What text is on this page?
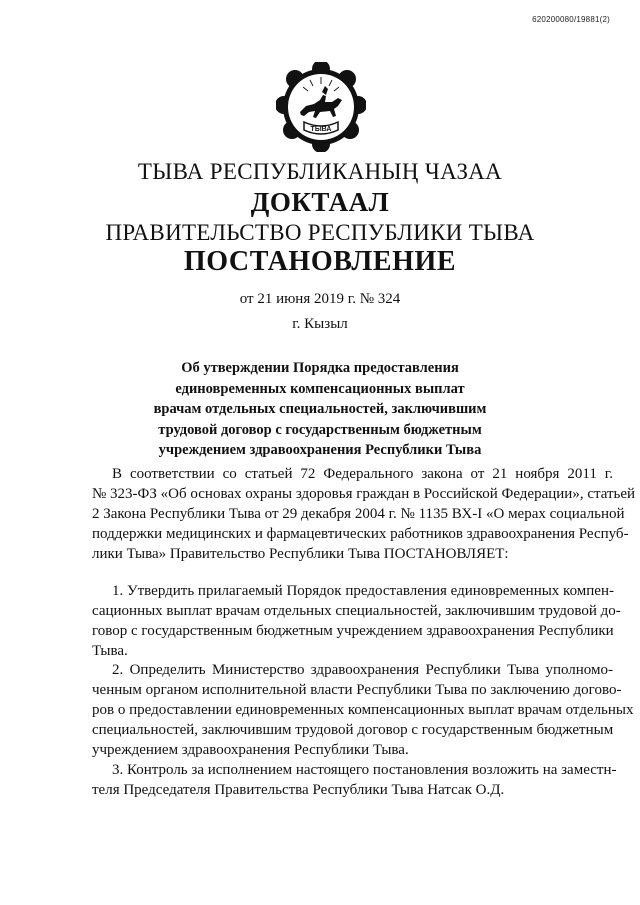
620200080/19881(2)
ТЫВА
ТЫВА РЕСПУБЛИКАНЫҢ ЧАЗАА
ДОКТААЛ
ПРАВИТЕЛЬСТВО РЕСПУБЛИКИ ТЫВА
ПОСТАНОВЛЕНИЕ
от 21 июня 2019 г. № 324
г. Кызыл
Об утверждении Порядка предоставления
единовременных компенсационных выплат
врачам отдельных специальностей, заключившим
трудовой договор с государственным бюджетным
учреждением здравоохранения Республики Тыва
В соответствии со статьей 72 Федерального закона от 21 ноября 2011 г.
№ 323-ФЗ «Об основах охраны здоровья граждан в Российской Федерации», статьей
2 Закона Республики Тыва от 29 декабря 2004 г. № 1135 ВХ-I «О мерах социальной
поддержки медицинских и фармацевтических работников здравоохранения Респуб-
лики Тыва» Правительство Республики Тыва ПОСТАНОВЛЯЕТ:
1. Утвердить прилагаемый Порядок предоставления единовременных компен-
сационных выплат врачам отдельных специальностей, заключившим трудовой до-
говор с государственным бюджетным учреждением здравоохранения Республики
Тыва.
2. Определить Министерство здравоохранения Республики Тыва уполномо-
ченным органом исполнительной власти Республики Тыва по заключению догово-
ров о предоставлении единовременных компенсационных выплат врачам отдельных
специальностей, заключившим трудовой договор с государственным бюджетным
учреждением здравоохранения Республики Тыва.
3. Контроль за исполнением настоящего постановления возложить на заместн-
теля Председателя Правительства Республики Тыва Натсак О.Д.
